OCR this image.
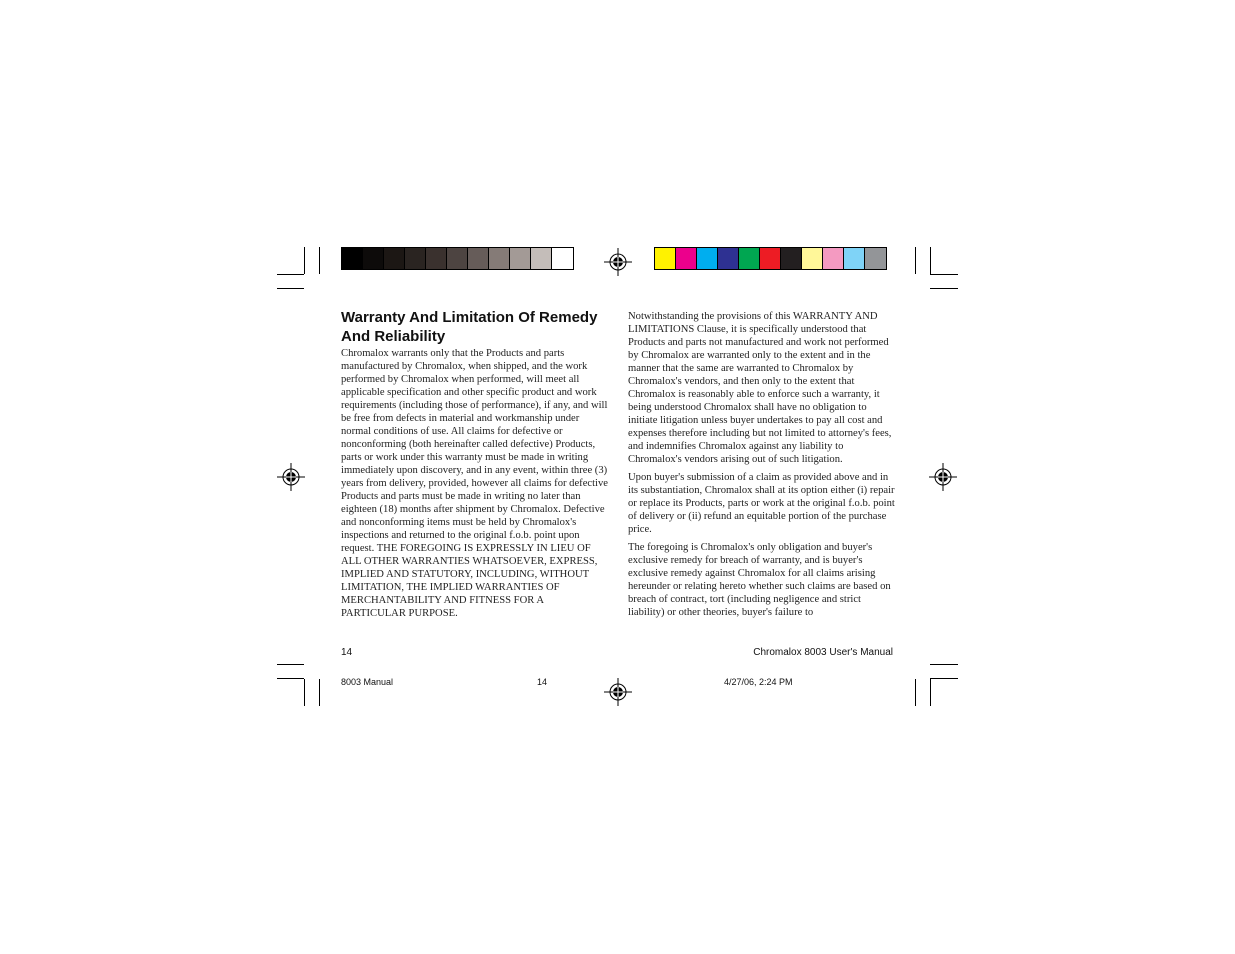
Warranty And Limitation Of Remedy And Reliability

Chromalox warrants only that the Products and parts manufactured by Chromalox, when shipped, and the work performed by Chromalox when performed, will meet all applicable specification and other specific product and work requirements (including those of performance), if any, and will be free from defects in material and workmanship under normal conditions of use. All claims for defective or nonconforming (both hereinafter called defective) Products, parts or work under this warranty must be made in writing immediately upon discovery, and in any event, within three (3) years from delivery, provided, however all claims for defective Products and parts must be made in writing no later than eighteen (18) months after shipment by Chromalox. Defective and nonconforming items must be held by Chromalox's inspections and returned to the original f.o.b. point upon request. THE FOREGOING IS EXPRESSLY IN LIEU OF ALL OTHER WARRANTIES WHATSOEVER, EXPRESS, IMPLIED AND STATUTORY, INCLUDING, WITHOUT LIMITATION, THE IMPLIED WARRANTIES OF MERCHANTABILITY AND FITNESS FOR A PARTICULAR PURPOSE.

Notwithstanding the provisions of this WARRANTY AND LIMITATIONS Clause, it is specifically understood that Products and parts not manufactured and work not performed by Chromalox are warranted only to the extent and in the manner that the same are warranted to Chromalox by Chromalox's vendors, and then only to the extent that Chromalox is reasonably able to enforce such a warranty, it being understood Chromalox shall have no obligation to initiate litigation unless buyer undertakes to pay all cost and expenses therefore including but not limited to attorney's fees, and indemnifies Chromalox against any liability to Chromalox's vendors arising out of such litigation.

Upon buyer's submission of a claim as provided above and in its substantiation, Chromalox shall at its option either (i) repair or replace its Products, parts or work at the original f.o.b. point of delivery or (ii) refund an equitable portion of the purchase price.

The foregoing is Chromalox's only obligation and buyer's exclusive remedy for breach of warranty, and is buyer's exclusive remedy against Chromalox for all claims arising hereunder or relating hereto whether such claims are based on breach of contract, tort (including negligence and strict liability) or other theories, buyer's failure to

14	Chromalox 8003 User's Manual
8003 Manual	14	4/27/06, 2:24 PM
